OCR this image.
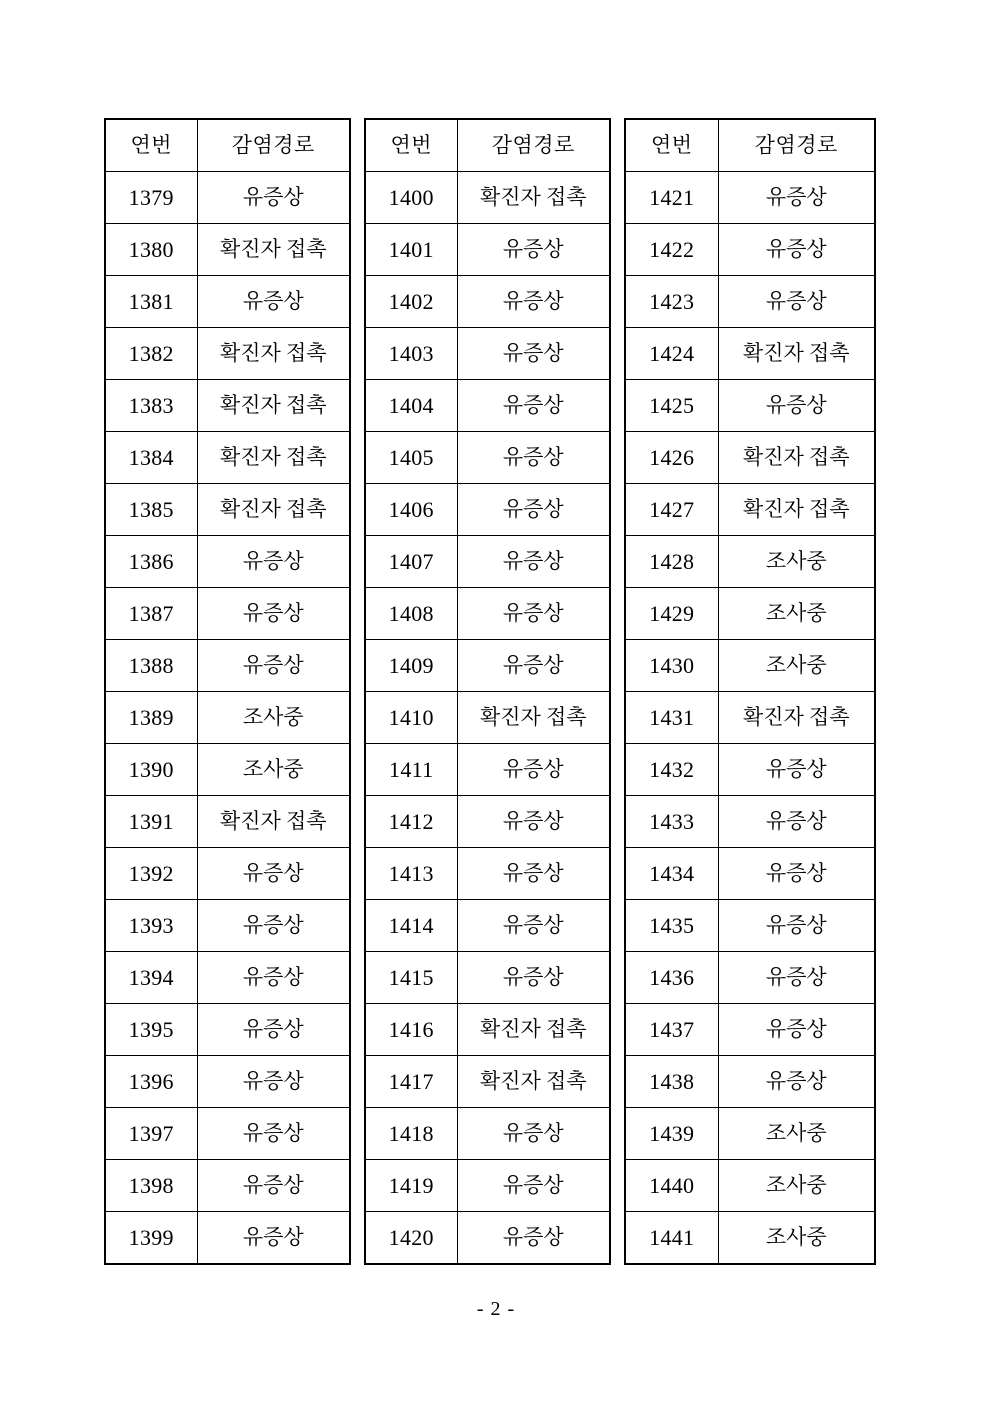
연번	감염경로
1379	유증상
1380	확진자 접촉
1381	유증상
1382	확진자 접촉
1383	확진자 접촉
1384	확진자 접촉
1385	확진자 접촉
1386	유증상
1387	유증상
1388	유증상
1389	조사중
1390	조사중
1391	확진자 접촉
1392	유증상
1393	유증상
1394	유증상
1395	유증상
1396	유증상
1397	유증상
1398	유증상
1399	유증상
연번	감염경로
1400	확진자 접촉
1401	유증상
1402	유증상
1403	유증상
1404	유증상
1405	유증상
1406	유증상
1407	유증상
1408	유증상
1409	유증상
1410	확진자 접촉
1411	유증상
1412	유증상
1413	유증상
1414	유증상
1415	유증상
1416	확진자 접촉
1417	확진자 접촉
1418	유증상
1419	유증상
1420	유증상
연번	감염경로
1421	유증상
1422	유증상
1423	유증상
1424	확진자 접촉
1425	유증상
1426	확진자 접촉
1427	확진자 접촉
1428	조사중
1429	조사중
1430	조사중
1431	확진자 접촉
1432	유증상
1433	유증상
1434	유증상
1435	유증상
1436	유증상
1437	유증상
1438	유증상
1439	조사중
1440	조사중
1441	조사중
- 2 -
